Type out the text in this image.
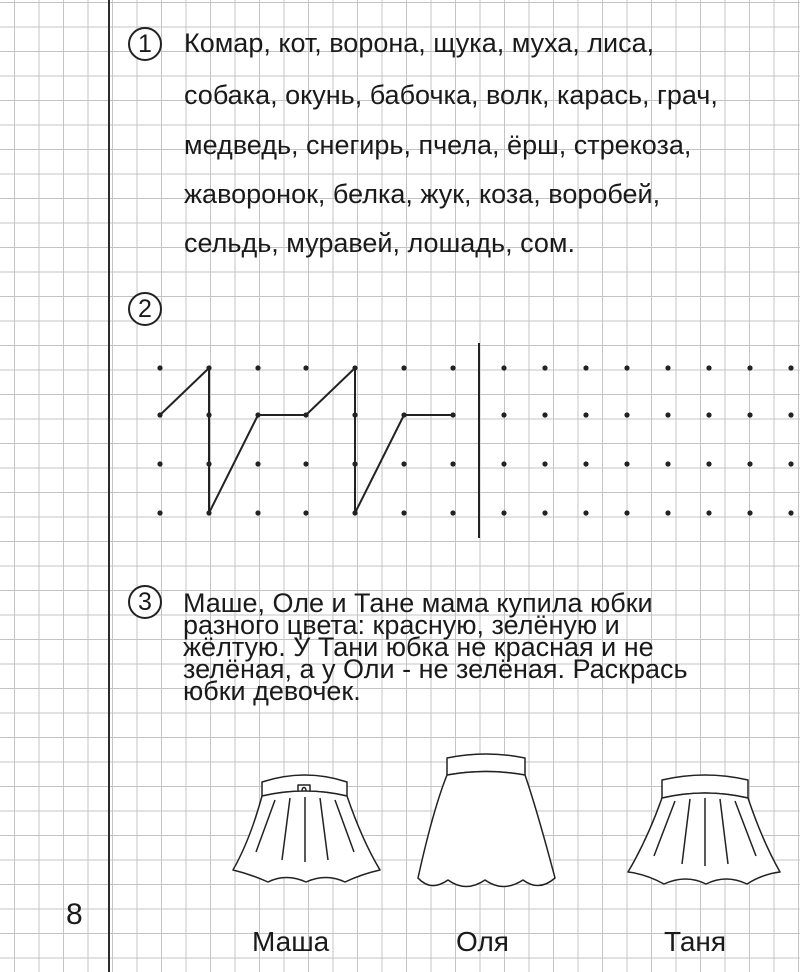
1	Комар, кот, ворона, щука, муха, лиса,
собака, окунь, бабочка, волк, карась, грач,
медведь, снегирь, пчела, ёрш, стрекоза,
жаворонок, белка, жук, коза, воробей,
сельдь, муравей, лошадь, сом.
2
3	Маше, Оле и Тане мама купила юбки
разного цвета: красную, зелёную и
жёлтую. У Тани юбка не красная и не
зелёная, а у Оли - не зелёная. Раскрась
юбки девочек.
Маша	Оля	Таня
8
